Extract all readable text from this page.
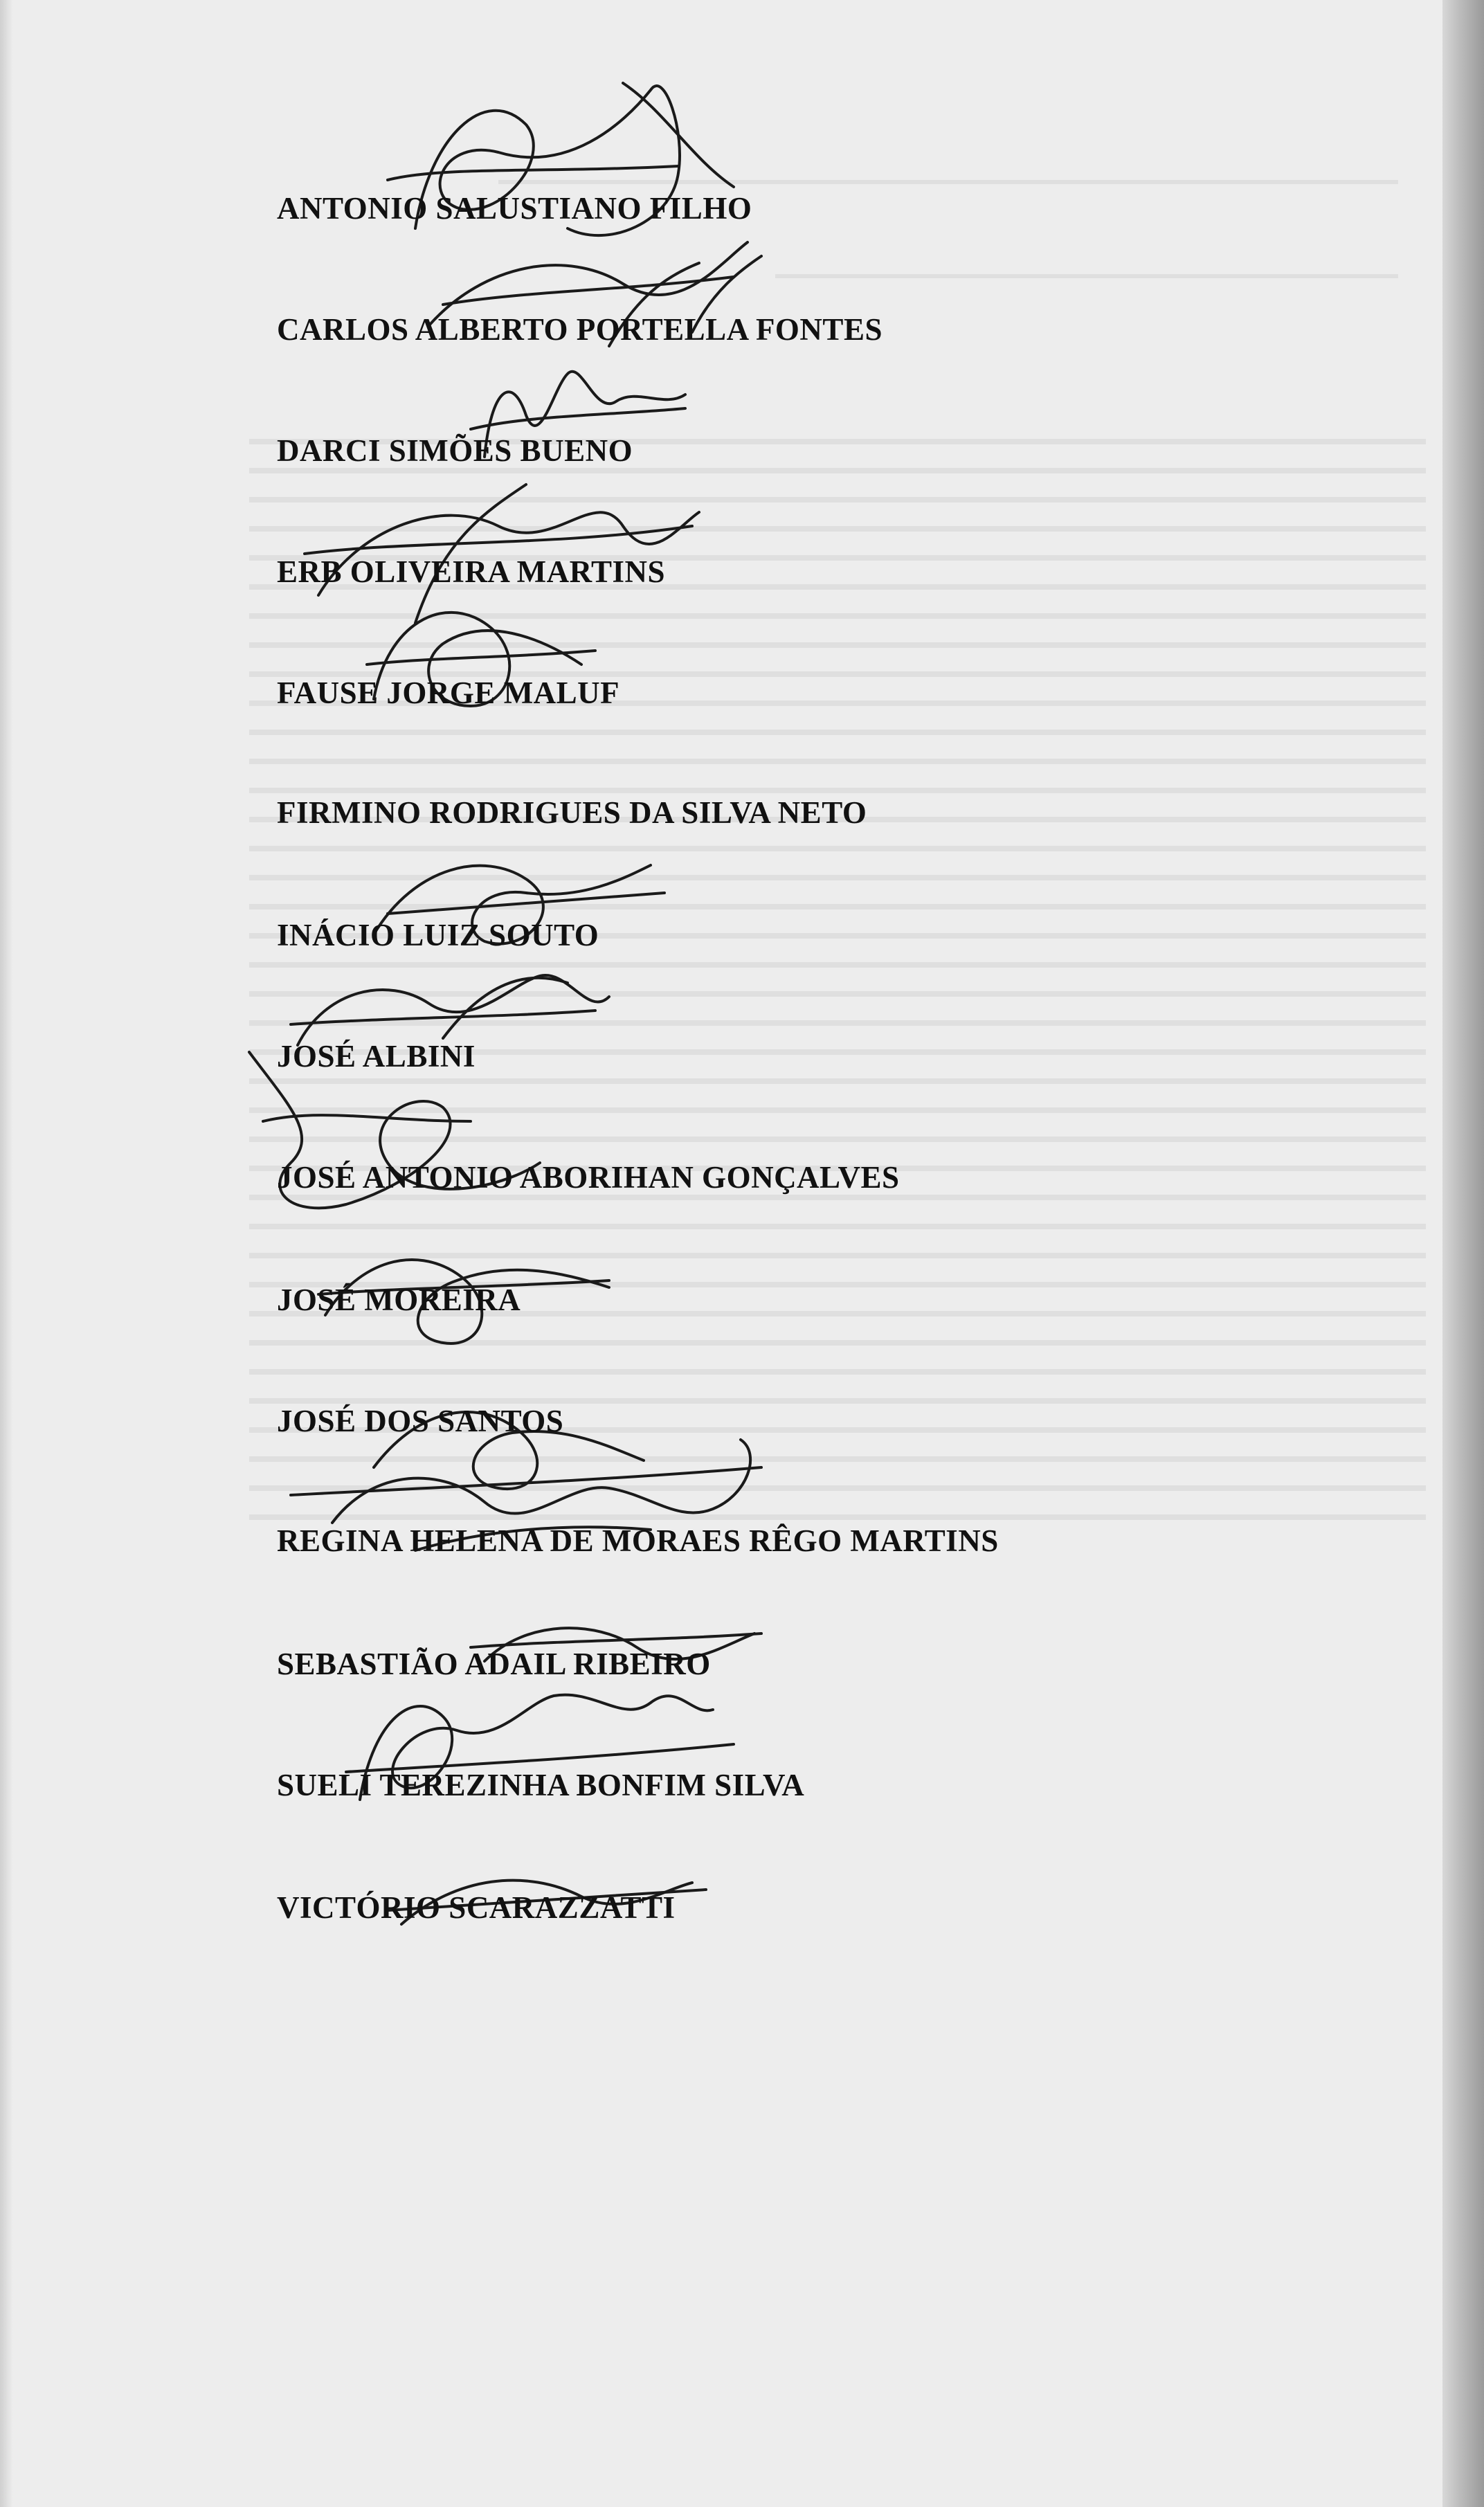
ANTONIO SALUSTIANO FILHO
CARLOS ALBERTO PORTELLA FONTES
DARCI SIMÕES BUENO
ERB OLIVEIRA MARTINS
FAUSE JORGE MALUF
FIRMINO RODRIGUES DA SILVA NETO
INÁCIO LUIZ SOUTO
JOSÉ ALBINI
JOSÉ ANTONIO ABORIHAN GONÇALVES
JOSÉ MOREIRA
JOSÉ DOS SANTOS
REGINA HELENA DE MORAES RÊGO MARTINS
SEBASTIÃO ADAIL RIBEIRO
SUELI TEREZINHA BONFIM SILVA
VICTÓRIO SCARAZZATTI
